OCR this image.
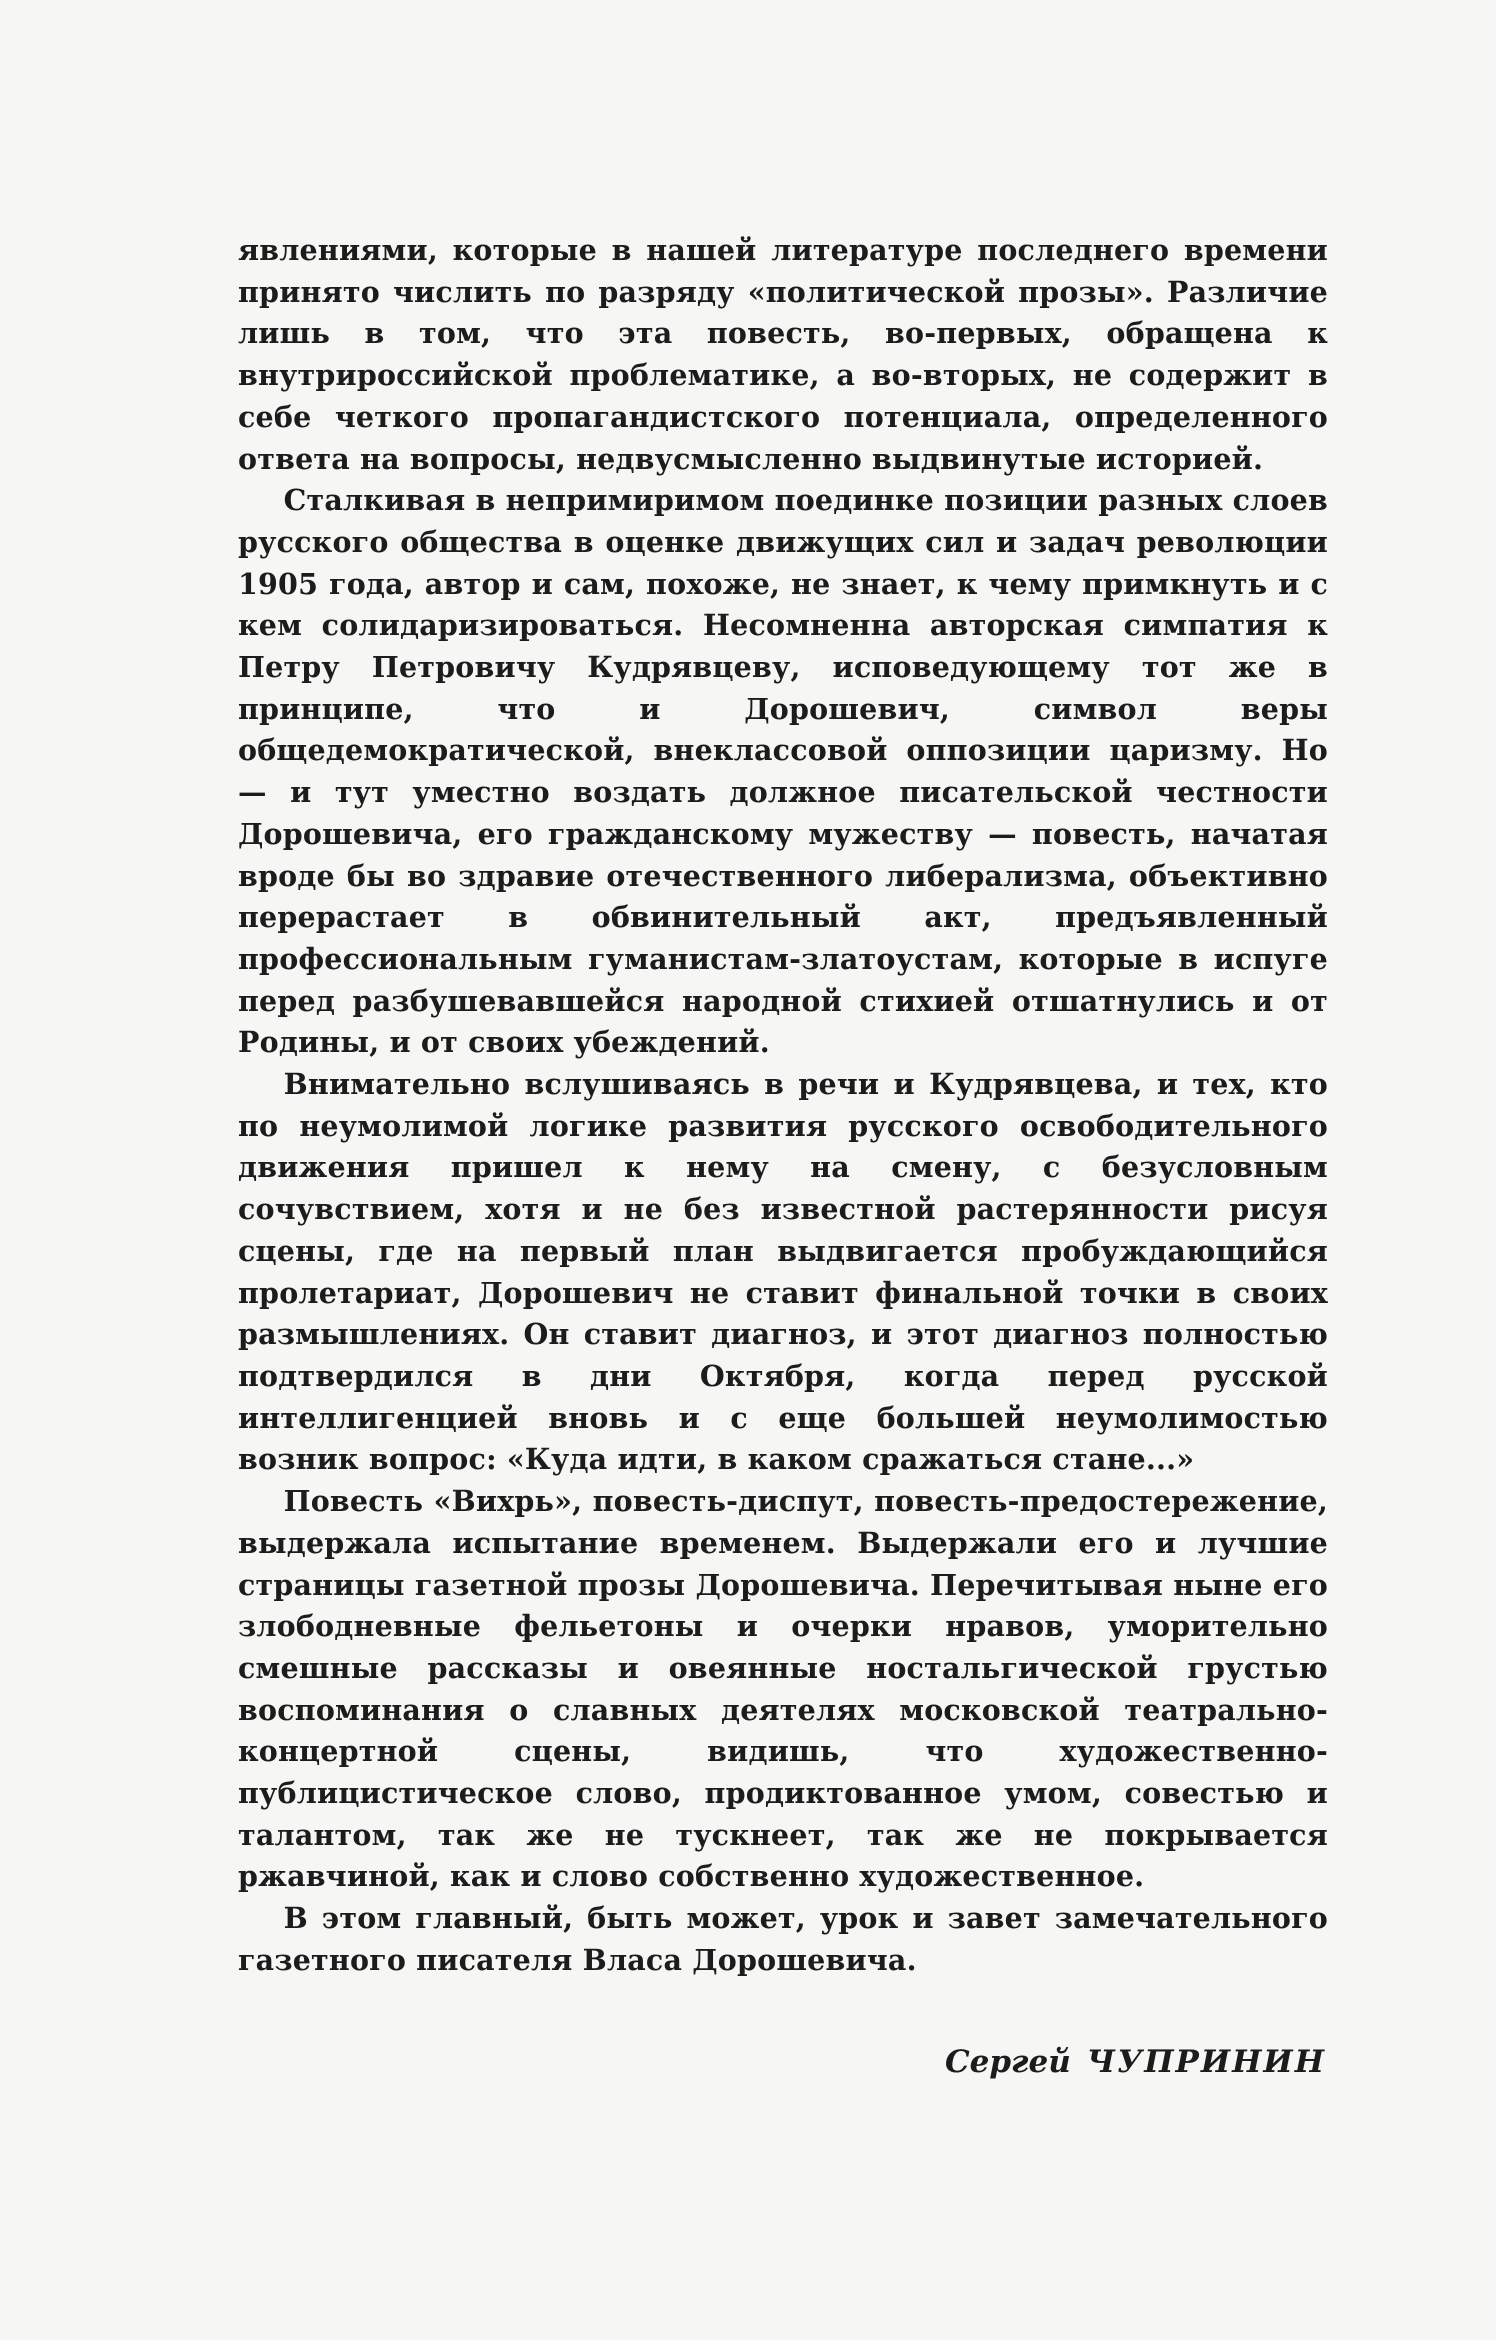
явлениями, которые в нашей литературе последнего времени принято числить по разряду «политической прозы». Различие лишь в том, что эта повесть, во-первых, обращена к внутрироссийской проблематике, а во-вторых, не содержит в себе четкого пропагандистского потенциала, определенного ответа на вопросы, недвусмысленно выдвинутые историей.

Сталкивая в непримиримом поединке позиции разных слоев русского общества в оценке движущих сил и задач революции 1905 года, автор и сам, похоже, не знает, к чему примкнуть и с кем солидаризироваться. Несомненна авторская симпатия к Петру Петровичу Кудрявцеву, исповедующему тот же в принципе, что и Дорошевич, символ веры общедемократической, внеклассовой оппозиции царизму. Но — и тут уместно воздать должное писательской честности Дорошевича, его гражданскому мужеству — повесть, начатая вроде бы во здравие отечественного либерализма, объективно перерастает в обвинительный акт, предъявленный профессиональным гуманистам-златоустам, которые в испуге перед разбушевавшейся народной стихией отшатнулись и от Родины, и от своих убеждений.

Внимательно вслушиваясь в речи и Кудрявцева, и тех, кто по неумолимой логике развития русского освободительного движения пришел к нему на смену, с безусловным сочувствием, хотя и не без известной растерянности рисуя сцены, где на первый план выдвигается пробуждающийся пролетариат, Дорошевич не ставит финальной точки в своих размышлениях. Он ставит диагноз, и этот диагноз полностью подтвердился в дни Октября, когда перед русской интеллигенцией вновь и с еще большей неумолимостью возник вопрос: «Куда идти, в каком сражаться стане...»

Повесть «Вихрь», повесть-диспут, повесть-предостережение, выдержала испытание временем. Выдержали его и лучшие страницы газетной прозы Дорошевича. Перечитывая ныне его злободневные фельетоны и очерки нравов, уморительно смешные рассказы и овеянные ностальгической грустью воспоминания о славных деятелях московской театрально-концертной сцены, видишь, что художественно-публицистическое слово, продиктованное умом, совестью и талантом, так же не тускнеет, так же не покрывается ржавчиной, как и слово собственно художественное.

В этом главный, быть может, урок и завет замечательного газетного писателя Власа Дорошевича.

Сергей ЧУПРИНИН
